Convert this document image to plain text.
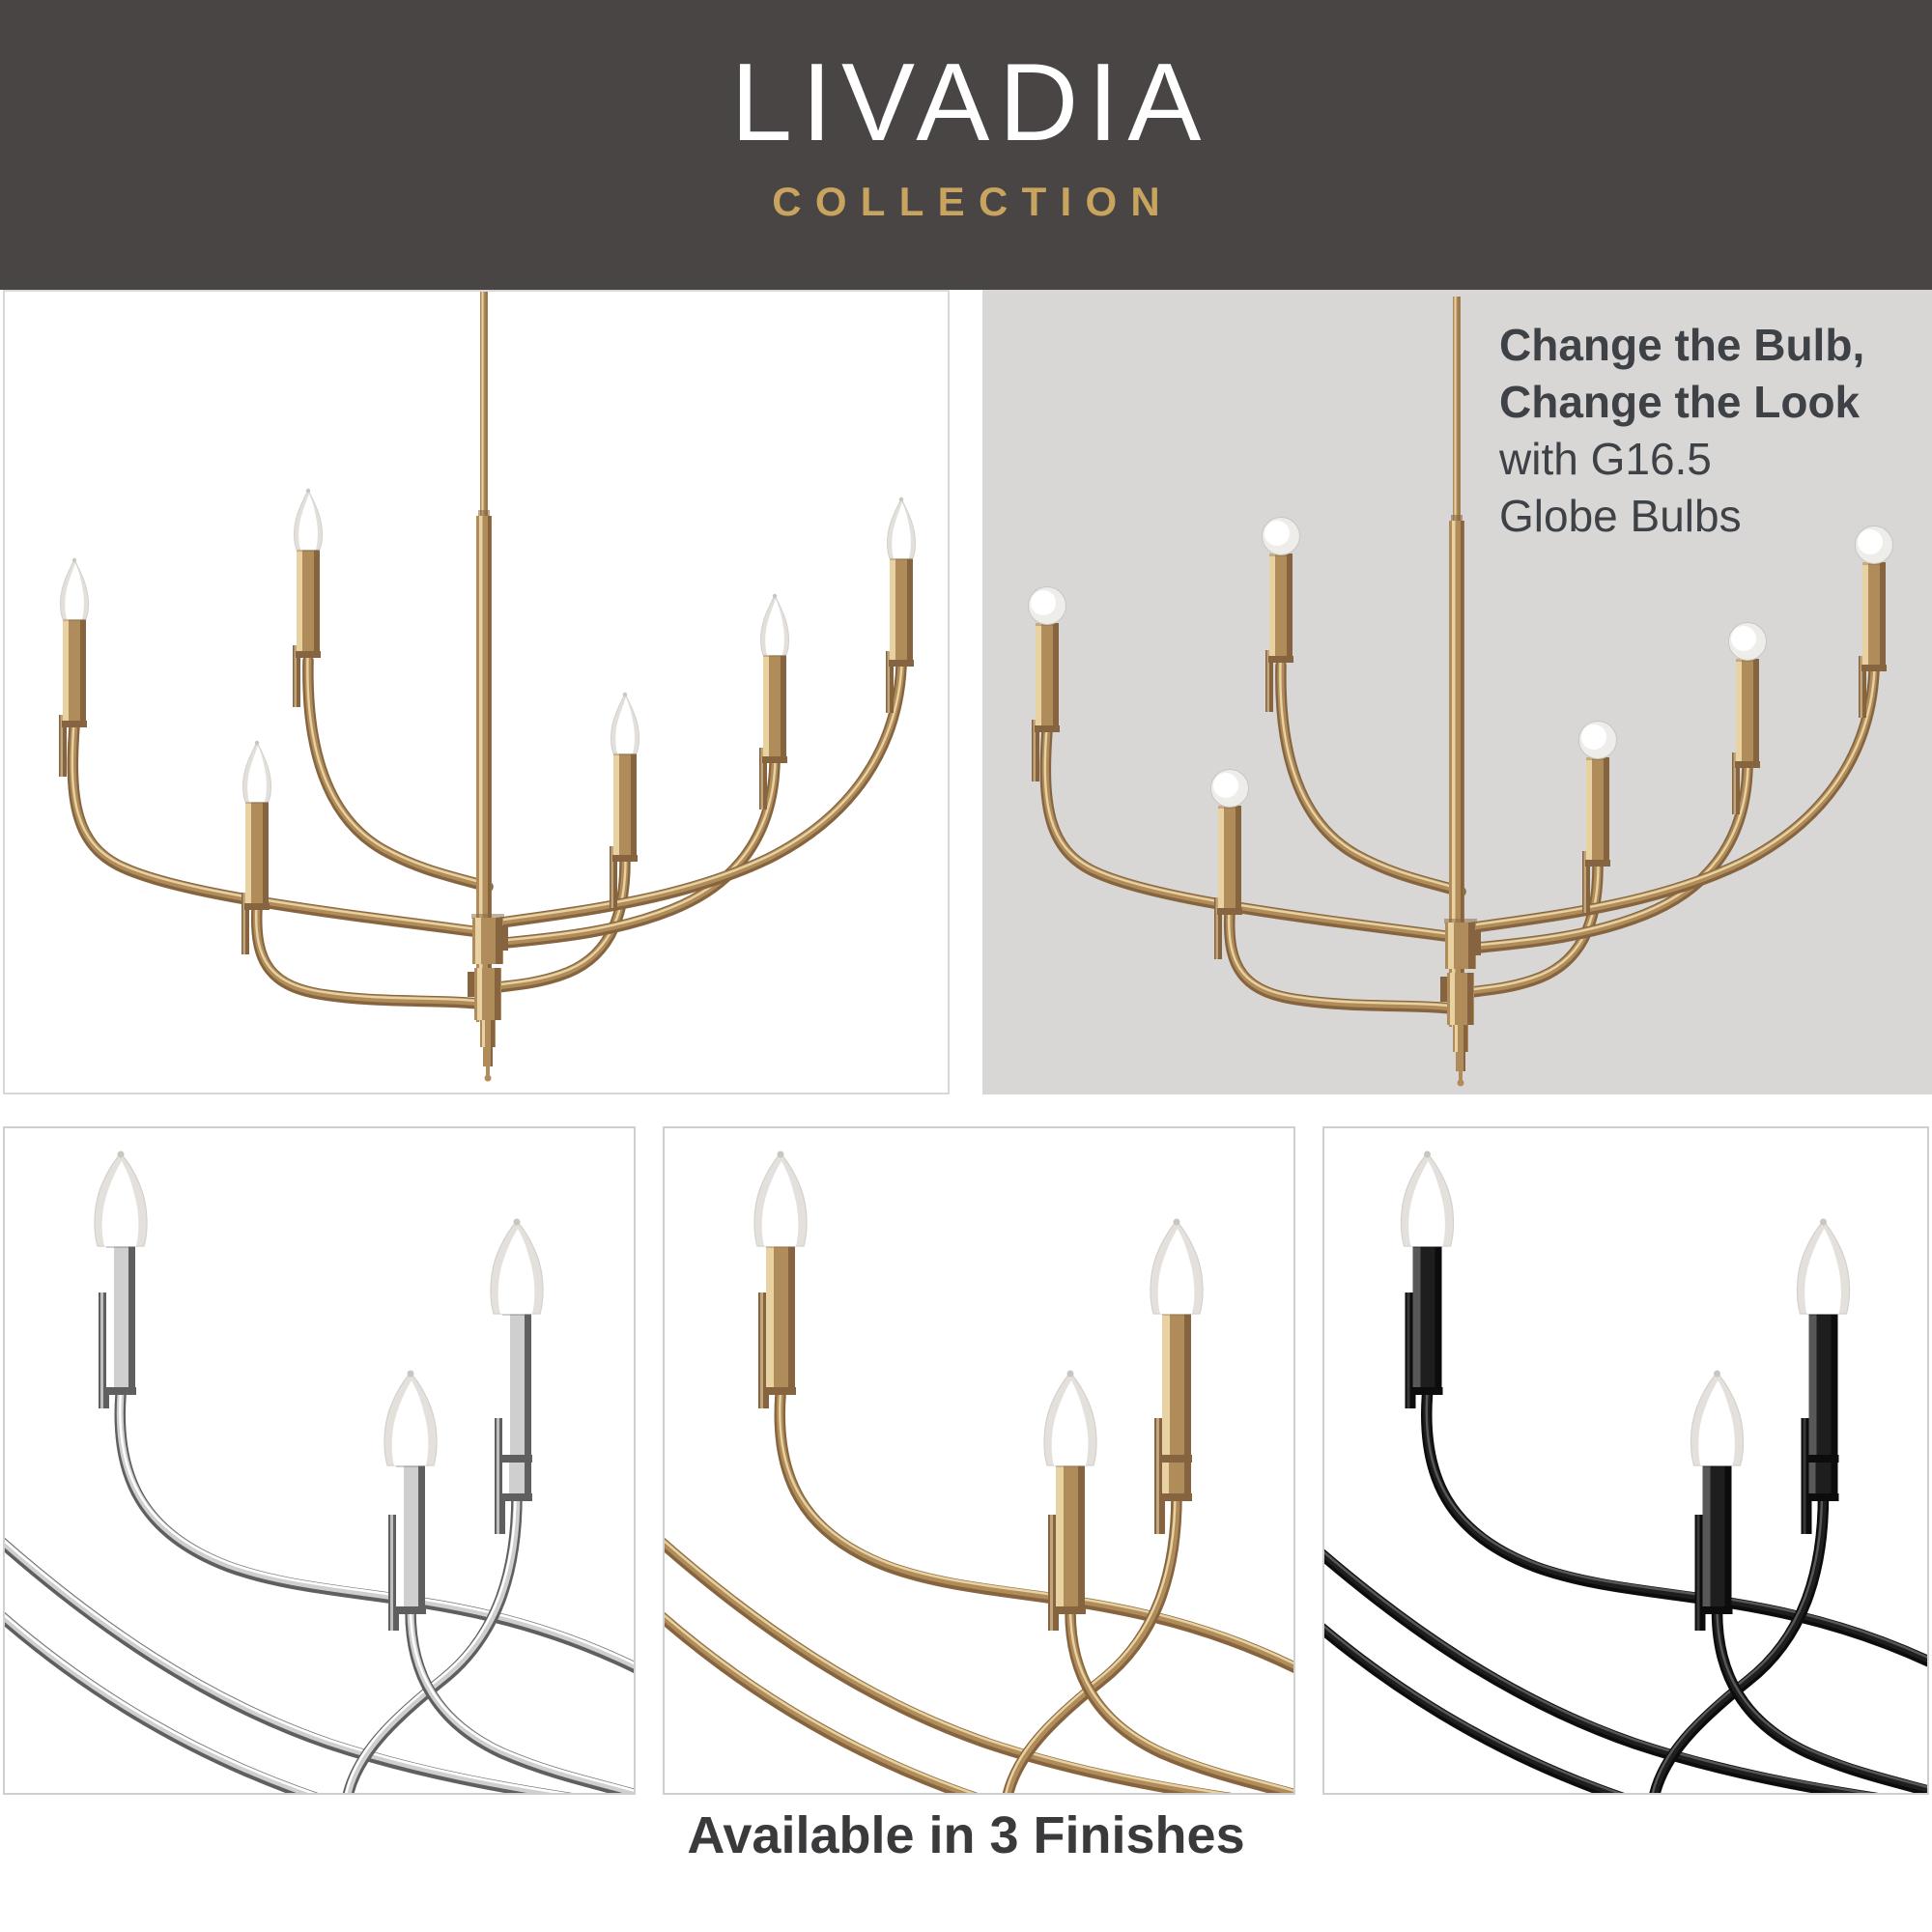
LIVADIA
COLLECTION
Change the Bulb,
Change the Look
with G16.5
Globe Bulbs
Available in 3 Finishes
